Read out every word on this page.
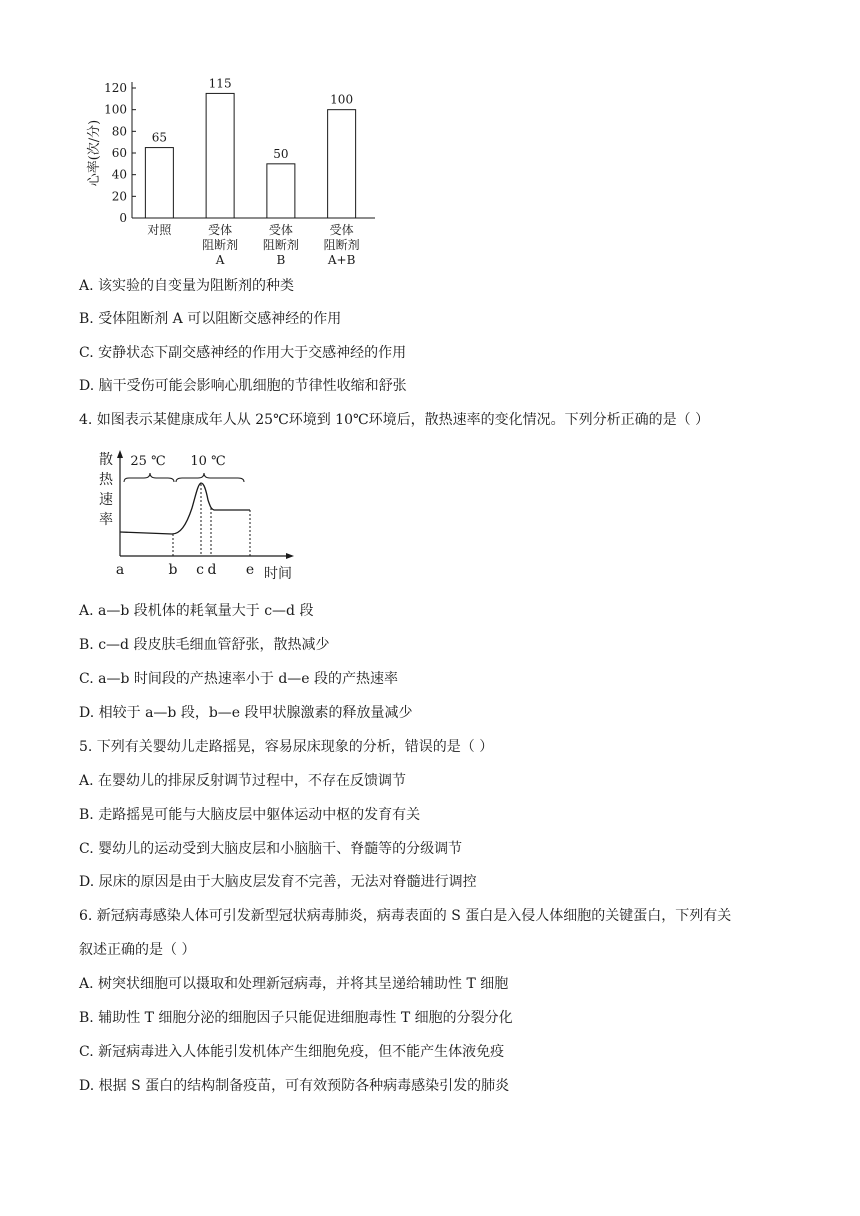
心率(次/分)
0
20
40
60
80
100
120
65
对照
115
受体
阻断剂
A
50
受体
阻断剂
B
100
受体
阻断剂
A+B
A. 该实验的自变量为阻断剂的种类
B. 受体阻断剂 A 可以阻断交感神经的作用
C. 安静状态下副交感神经的作用大于交感神经的作用
D. 脑干受伤可能会影响心肌细胞的节律性收缩和舒张
4. 如图表示某健康成年人从 25℃环境到 10℃环境后，散热速率的变化情况。下列分析正确的是（ ）
散
热
速
率
25 ℃ 10 ℃
a	b c d e 时间
A. a—b 段机体的耗氧量大于 c—d 段
B. c—d 段皮肤毛细血管舒张，散热减少
C. a—b 时间段的产热速率小于 d—e 段的产热速率
D. 相较于 a—b 段，b—e 段甲状腺激素的释放量减少
5. 下列有关婴幼儿走路摇晃，容易尿床现象的分析，错误的是（ ）
A. 在婴幼儿的排尿反射调节过程中，不存在反馈调节
B. 走路摇晃可能与大脑皮层中躯体运动中枢的发育有关
C. 婴幼儿的运动受到大脑皮层和小脑脑干、脊髓等的分级调节
D. 尿床的原因是由于大脑皮层发育不完善，无法对脊髓进行调控
6. 新冠病毒感染人体可引发新型冠状病毒肺炎，病毒表面的 S 蛋白是入侵人体细胞的关键蛋白，下列有关
叙述正确的是（ ）
A. 树突状细胞可以摄取和处理新冠病毒，并将其呈递给辅助性 T 细胞
B. 辅助性 T 细胞分泌的细胞因子只能促进细胞毒性 T 细胞的分裂分化
C. 新冠病毒进入人体能引发机体产生细胞免疫，但不能产生体液免疫
D. 根据 S 蛋白的结构制备疫苗，可有效预防各种病毒感染引发的肺炎
